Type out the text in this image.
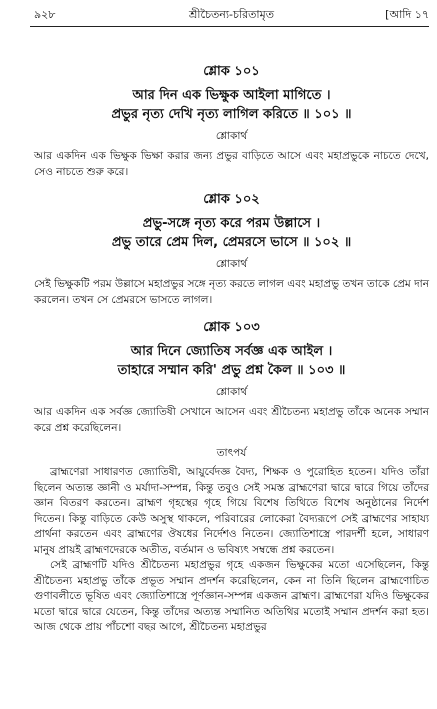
৯২৮	শ্রীচৈতন্য-চরিতামৃত	[আদি ১৭
শ্লোক ১০১
আর দিন এক ভিক্ষুক আইলা মাগিতে ।
প্রভুর নৃত্য দেখি নৃত্য লাগিল করিতে ॥ ১০১ ॥
শ্লোকার্থ

আর একদিন এক ভিক্ষুক ভিক্ষা করার জন্য প্রভুর বাড়িতে আসে এবং মহাপ্রভুকে নাচতে দেখে, সেও নাচতে শুরু করে।

শ্লোক ১০২
প্রভু-সঙ্গে নৃত্য করে পরম উল্লাসে ।
প্রভু তারে প্রেম দিল, প্রেমরসে ভাসে ॥ ১০২ ॥
শ্লোকার্থ

সেই ভিক্ষুকটি পরম উল্লাসে মহাপ্রভুর সঙ্গে নৃত্য করতে লাগল এবং মহাপ্রভু তখন তাকে প্রেম দান করলেন। তখন সে প্রেমরসে ভাসতে লাগল।

শ্লোক ১০৩
আর দিনে জ্যোতিষ সর্বজ্ঞ এক আইল ।
তাহারে সম্মান করি' প্রভু প্রশ্ন কৈল ॥ ১০৩ ॥
শ্লোকার্থ

আর একদিন এক সর্বজ্ঞ জ্যোতিষী সেখানে আসেন এবং শ্রীচৈতন্য মহাপ্রভু তাঁকে অনেক সম্মান করে প্রশ্ন করেছিলেন।

তাৎপর্য

ব্রাহ্মণেরা সাধারণত জ্যোতিষী, আয়ুর্বেদজ্ঞ বৈদ্য, শিক্ষক ও পুরোহিত হতেন। যদিও তাঁরা ছিলেন অত্যন্ত জ্ঞানী ও মর্যাদা-সম্পন্ন, কিন্তু তবুও সেই সমস্ত ব্রাহ্মণেরা দ্বারে দ্বারে গিয়ে তাঁদের জ্ঞান বিতরণ করতেন। ব্রাহ্মণ গৃহস্থের গৃহে গিয়ে বিশেষ তিথিতে বিশেষ অনুষ্ঠানের নির্দেশ দিতেন। কিন্তু বাড়িতে কেউ অসুস্থ থাকলে, পরিবারের লোকেরা বৈদ্যরূপে সেই ব্রাহ্মণের সাহায্য প্রার্থনা করতেন এবং ব্রাহ্মণের ঔষধের নির্দেশও নিতেন। জ্যোতিশাস্ত্রে পারদর্শী হলে, সাধারণ মানুষ প্রায়ই ব্রাহ্মণদেরকে অতীত, বর্তমান ও ভবিষ্যৎ সম্বন্ধে প্রশ্ন করতেন।

সেই ব্রাহ্মণটি যদিও শ্রীচৈতন্য মহাপ্রভুর গৃহে একজন ভিক্ষুকের মতো এসেছিলেন, কিন্তু শ্রীচৈতন্য মহাপ্রভু তাঁকে প্রভূত সম্মান প্রদর্শন করেছিলেন, কেন না তিনি ছিলেন ব্রাহ্মণোচিত গুণাবলীতে ভূষিত এবং জ্যোতিশাস্ত্রে পূর্ণজ্ঞান-সম্পন্ন একজন ব্রাহ্মণ। ব্রাহ্মণেরা যদিও ভিক্ষুকের মতো দ্বারে দ্বারে যেতেন, কিন্তু তাঁদের অত্যন্ত সম্মানিত অতিথির মতোই সম্মান প্রদর্শন করা হত। আজ থেকে প্রায় পাঁচশো বছর আগে, শ্রীচৈতন্য মহাপ্রভুর
